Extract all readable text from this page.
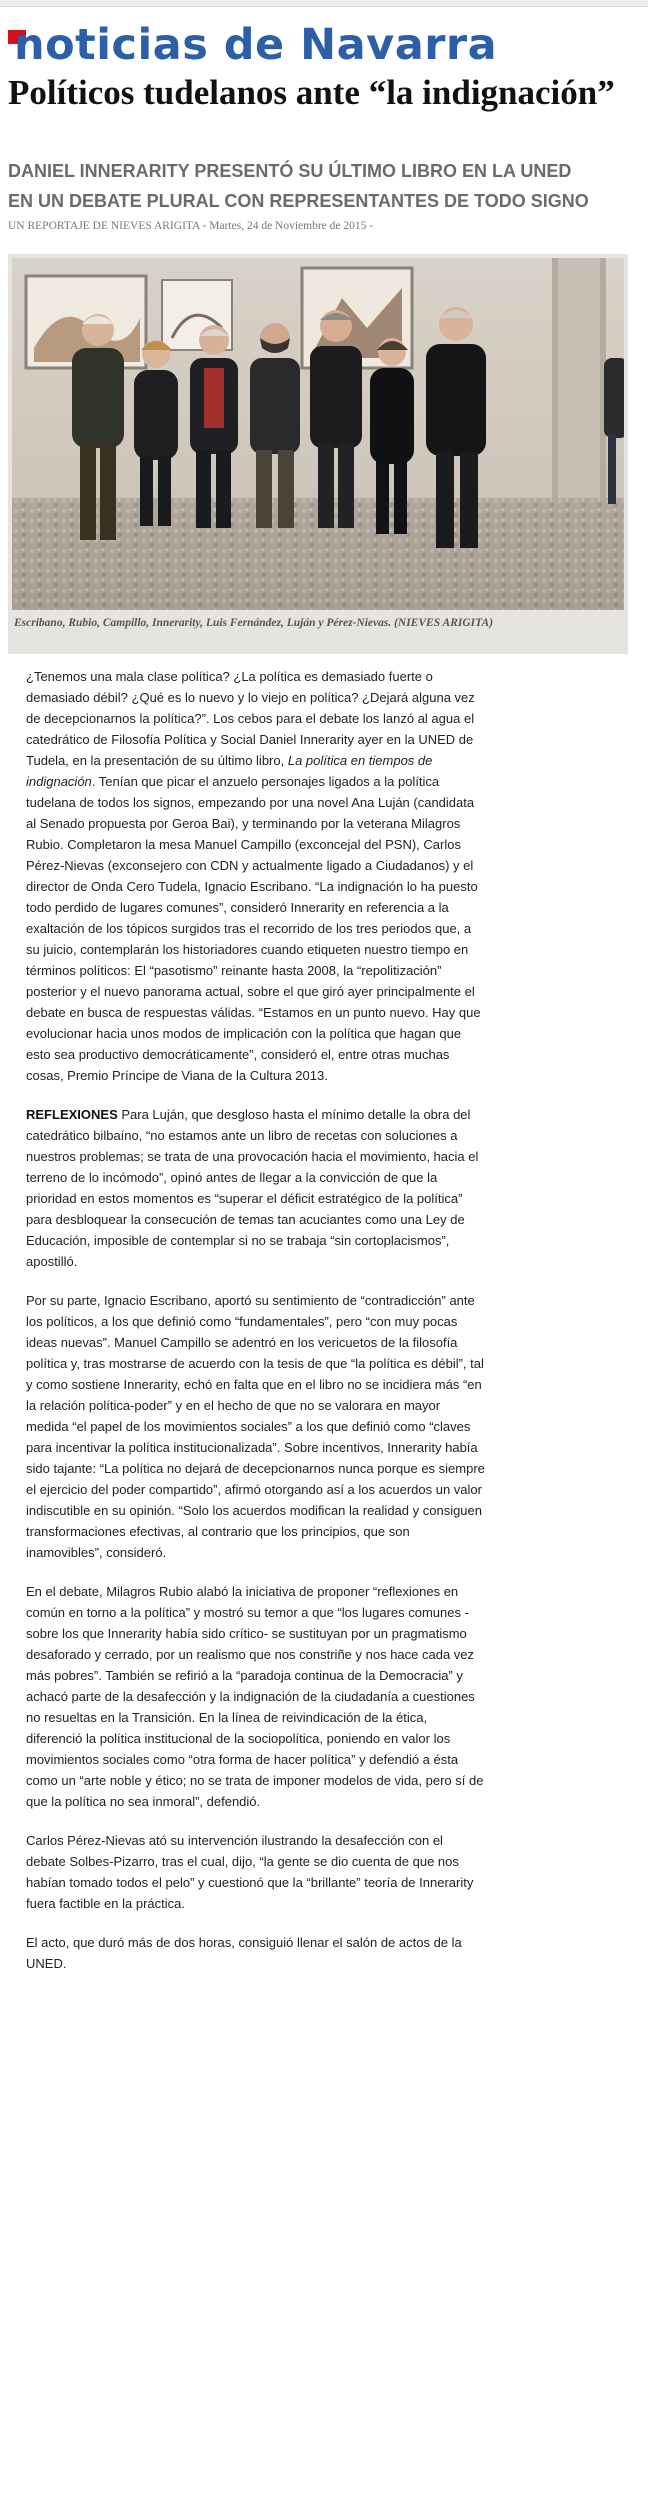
noticias de Navarra
Políticos tudelanos ante “la indignación”
DANIEL INNERARITY PRESENTÓ SU ÚLTIMO LIBRO EN LA UNED
EN UN DEBATE PLURAL CON REPRESENTANTES DE TODO SIGNO
UN REPORTAJE DE NIEVES ARIGITA - Martes, 24 de Noviembre de 2015 -
Escribano, Rubio, Campillo, Innerarity, Luis Fernández, Luján y Pérez-Nievas. (NIEVES ARIGITA)

¿Tenemos una mala clase política? ¿La política es demasiado fuerte o demasiado débil? ¿Qué es lo nuevo y lo viejo en política? ¿Dejará alguna vez de decepcionarnos la política?”. Los cebos para el debate los lanzó al agua el catedrático de Filosofía Política y Social Daniel Innerarity ayer en la UNED de Tudela, en la presentación de su último libro, La política en tiempos de indignación. Tenían que picar el anzuelo personajes ligados a la política tudelana de todos los signos, empezando por una novel Ana Luján (candidata al Senado propuesta por Geroa Bai), y terminando por la veterana Milagros Rubio. Completaron la mesa Manuel Campillo (exconcejal del PSN), Carlos Pérez-Nievas (exconsejero con CDN y actualmente ligado a Ciudadanos) y el director de Onda Cero Tudela, Ignacio Escribano. “La indignación lo ha puesto todo perdido de lugares comunes”, consideró Innerarity en referencia a la exaltación de los tópicos surgidos tras el recorrido de los tres periodos que, a su juicio, contemplarán los historiadores cuando etiqueten nuestro tiempo en términos políticos: El “pasotismo” reinante hasta 2008, la “repolitización” posterior y el nuevo panorama actual, sobre el que giró ayer principalmente el debate en busca de respuestas válidas. “Estamos en un punto nuevo. Hay que evolucionar hacia unos modos de implicación con la política que hagan que esto sea productivo democráticamente”, consideró el, entre otras muchas cosas, Premio Príncipe de Viana de la Cultura 2013.

REFLEXIONES Para Luján, que desgloso hasta el mínimo detalle la obra del catedrático bilbaíno, “no estamos ante un libro de recetas con soluciones a nuestros problemas; se trata de una provocación hacia el movimiento, hacia el terreno de lo incómodo”, opinó antes de llegar a la convicción de que la prioridad en estos momentos es “superar el déficit estratégico de la política” para desbloquear la consecución de temas tan acuciantes como una Ley de Educación, imposible de contemplar si no se trabaja “sin cortoplacismos”, apostilló.

Por su parte, Ignacio Escribano, aportó su sentimiento de “contradicción” ante los políticos, a los que definió como “fundamentales”, pero “con muy pocas ideas nuevas”. Manuel Campillo se adentró en los vericuetos de la filosofía política y, tras mostrarse de acuerdo con la tesis de que “la política es débil”, tal y como sostiene Innerarity, echó en falta que en el libro no se incidiera más “en la relación política-poder” y en el hecho de que no se valorara en mayor medida “el papel de los movimientos sociales” a los que definió como “claves para incentivar la política institucionalizada”. Sobre incentivos, Innerarity había sido tajante: “La política no dejará de decepcionarnos nunca porque es siempre el ejercicio del poder compartido”, afirmó otorgando así a los acuerdos un valor indiscutible en su opinión. “Solo los acuerdos modifican la realidad y consiguen transformaciones efectivas, al contrario que los principios, que son inamovibles”, consideró.

En el debate, Milagros Rubio alabó la iniciativa de proponer “reflexiones en común en torno a la política” y mostró su temor a que “los lugares comunes -sobre los que Innerarity había sido crítico- se sustituyan por un pragmatismo desaforado y cerrado, por un realismo que nos constriñe y nos hace cada vez más pobres”. También se refirió a la “paradoja continua de la Democracia” y achacó parte de la desafección y la indignación de la ciudadanía a cuestiones no resueltas en la Transición. En la línea de reivindicación de la ética, diferenció la política institucional de la sociopolítica, poniendo en valor los movimientos sociales como “otra forma de hacer política” y defendió a ésta como un “arte noble y ético; no se trata de imponer modelos de vida, pero sí de que la política no sea inmoral”, defendió.

Carlos Pérez-Nievas ató su intervención ilustrando la desafección con el debate Solbes-Pizarro, tras el cual, dijo, “la gente se dio cuenta de que nos habían tomado todos el pelo” y cuestionó que la “brillante” teoría de Innerarity fuera factible en la práctica.

El acto, que duró más de dos horas, consiguió llenar el salón de actos de la UNED.
